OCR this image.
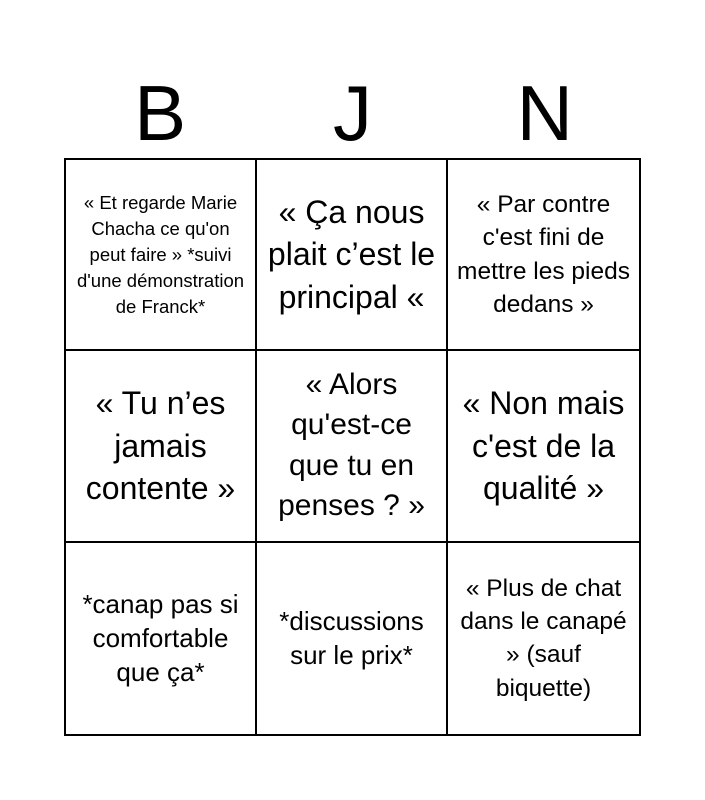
B	J	N
« Et regarde Marie Chacha ce qu'on peut faire » *suivi d'une démonstration de Franck*
« Ça nous plait c’est le principal «
« Par contre c'est fini de mettre les pieds dedans »
« Tu n’es jamais contente »
« Alors qu'est-ce que tu en penses ? »
« Non mais c'est de la qualité »
*canap pas si comfortable que ça*
*discussions sur le prix*
« Plus de chat dans le canapé » (sauf biquette)
